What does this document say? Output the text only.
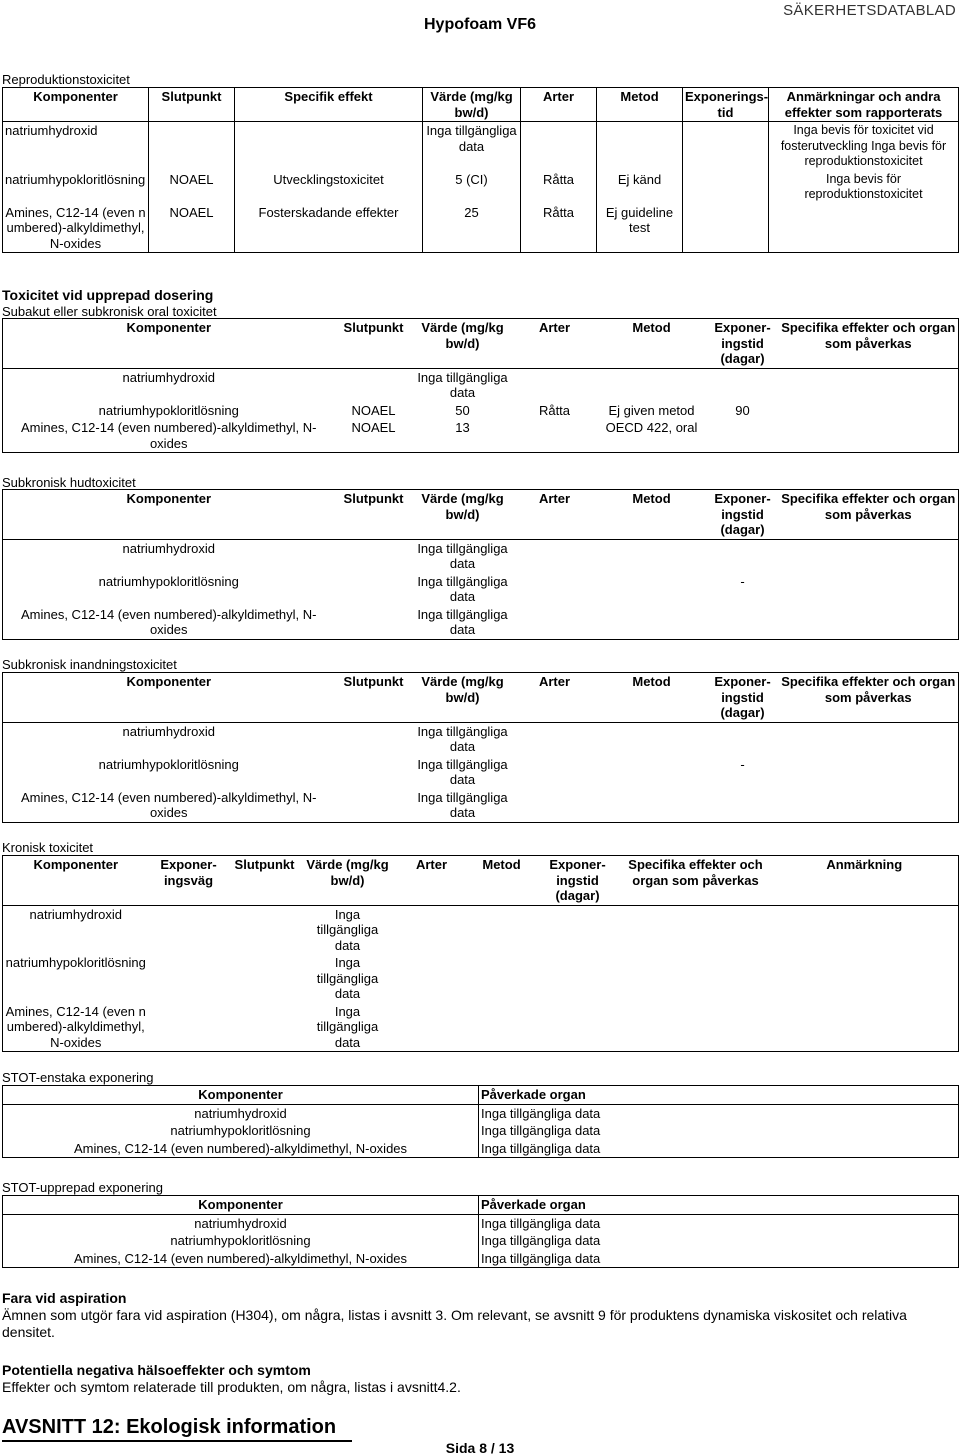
SÄKERHETSDATABLAD
Hypofoam VF6
Reproduktionstoxicitet
Komponenter	Slutpunkt	Specifik effekt	Värde (mg/kg bw/d)	Arter	Metod	Exponerings- tid	Anmärkningar och andra effekter som rapporterats
natriumhydroxid			Inga tillgängliga data				Inga bevis för toxicitet vid fosterutveckling Inga bevis för reproduktionstoxicitet
natriumhypokloritlösning	NOAEL	Utvecklingstoxicitet	5 (CI)	Råtta	Ej känd		Inga bevis för reproduktionstoxicitet
Amines, C12-14 (even numbered)-alkyldimethyl, N-oxides	NOAEL	Fosterskadande effekter	25	Råtta	Ej guideline test		
Toxicitet vid upprepad dosering
Subakut eller subkronisk oral toxicitet
Komponenter	Slutpunkt	Värde (mg/kg bw/d)	Arter	Metod	Exponer- ingstid (dagar)	Specifika effekter och organ som påverkas
natriumhydroxid		Inga tillgängliga data				
natriumhypokloritlösning	NOAEL	50	Råtta	Ej given metod	90	
Amines, C12-14 (even numbered)-alkyldimethyl, N-oxides	NOAEL	13		OECD 422, oral		
Subkronisk hudtoxicitet
Komponenter	Slutpunkt	Värde (mg/kg bw/d)	Arter	Metod	Exponer- ingstid (dagar)	Specifika effekter och organ som påverkas
natriumhydroxid		Inga tillgängliga data				
natriumhypokloritlösning		Inga tillgängliga data			-	
Amines, C12-14 (even numbered)-alkyldimethyl, N-oxides		Inga tillgängliga data				
Subkronisk inandningstoxicitet
Komponenter	Slutpunkt	Värde (mg/kg bw/d)	Arter	Metod	Exponer- ingstid (dagar)	Specifika effekter och organ som påverkas
natriumhydroxid		Inga tillgängliga data				
natriumhypokloritlösning		Inga tillgängliga data			-	
Amines, C12-14 (even numbered)-alkyldimethyl, N-oxides		Inga tillgängliga data				
Kronisk toxicitet
Komponenter	Exponer- ingsväg	Slutpunkt	Värde (mg/kg bw/d)	Arter	Metod	Exponer- ingstid (dagar)	Specifika effekter och organ som påverkas	Anmärkning
natriumhydroxid			Inga tillgängliga data					
natriumhypokloritlösning			Inga tillgängliga data					
Amines, C12-14 (even numbered)-alkyldimethyl, N-oxides			Inga tillgängliga data					
STOT-enstaka exponering
Komponenter	Påverkade organ
natriumhydroxid	Inga tillgängliga data
natriumhypokloritlösning	Inga tillgängliga data
Amines, C12-14 (even numbered)-alkyldimethyl, N-oxides	Inga tillgängliga data
STOT-upprepad exponering
Komponenter	Påverkade organ
natriumhydroxid	Inga tillgängliga data
natriumhypokloritlösning	Inga tillgängliga data
Amines, C12-14 (even numbered)-alkyldimethyl, N-oxides	Inga tillgängliga data
Fara vid aspiration
Ämnen som utgör fara vid aspiration (H304), om några, listas i avsnitt 3. Om relevant, se avsnitt 9 för produktens dynamiska viskositet och relativa densitet.
Potentiella negativa hälsoeffekter och symtom
Effekter och symtom relaterade till produkten, om några, listas i avsnitt4.2.
AVSNITT 12: Ekologisk information
Sida 8 / 13
